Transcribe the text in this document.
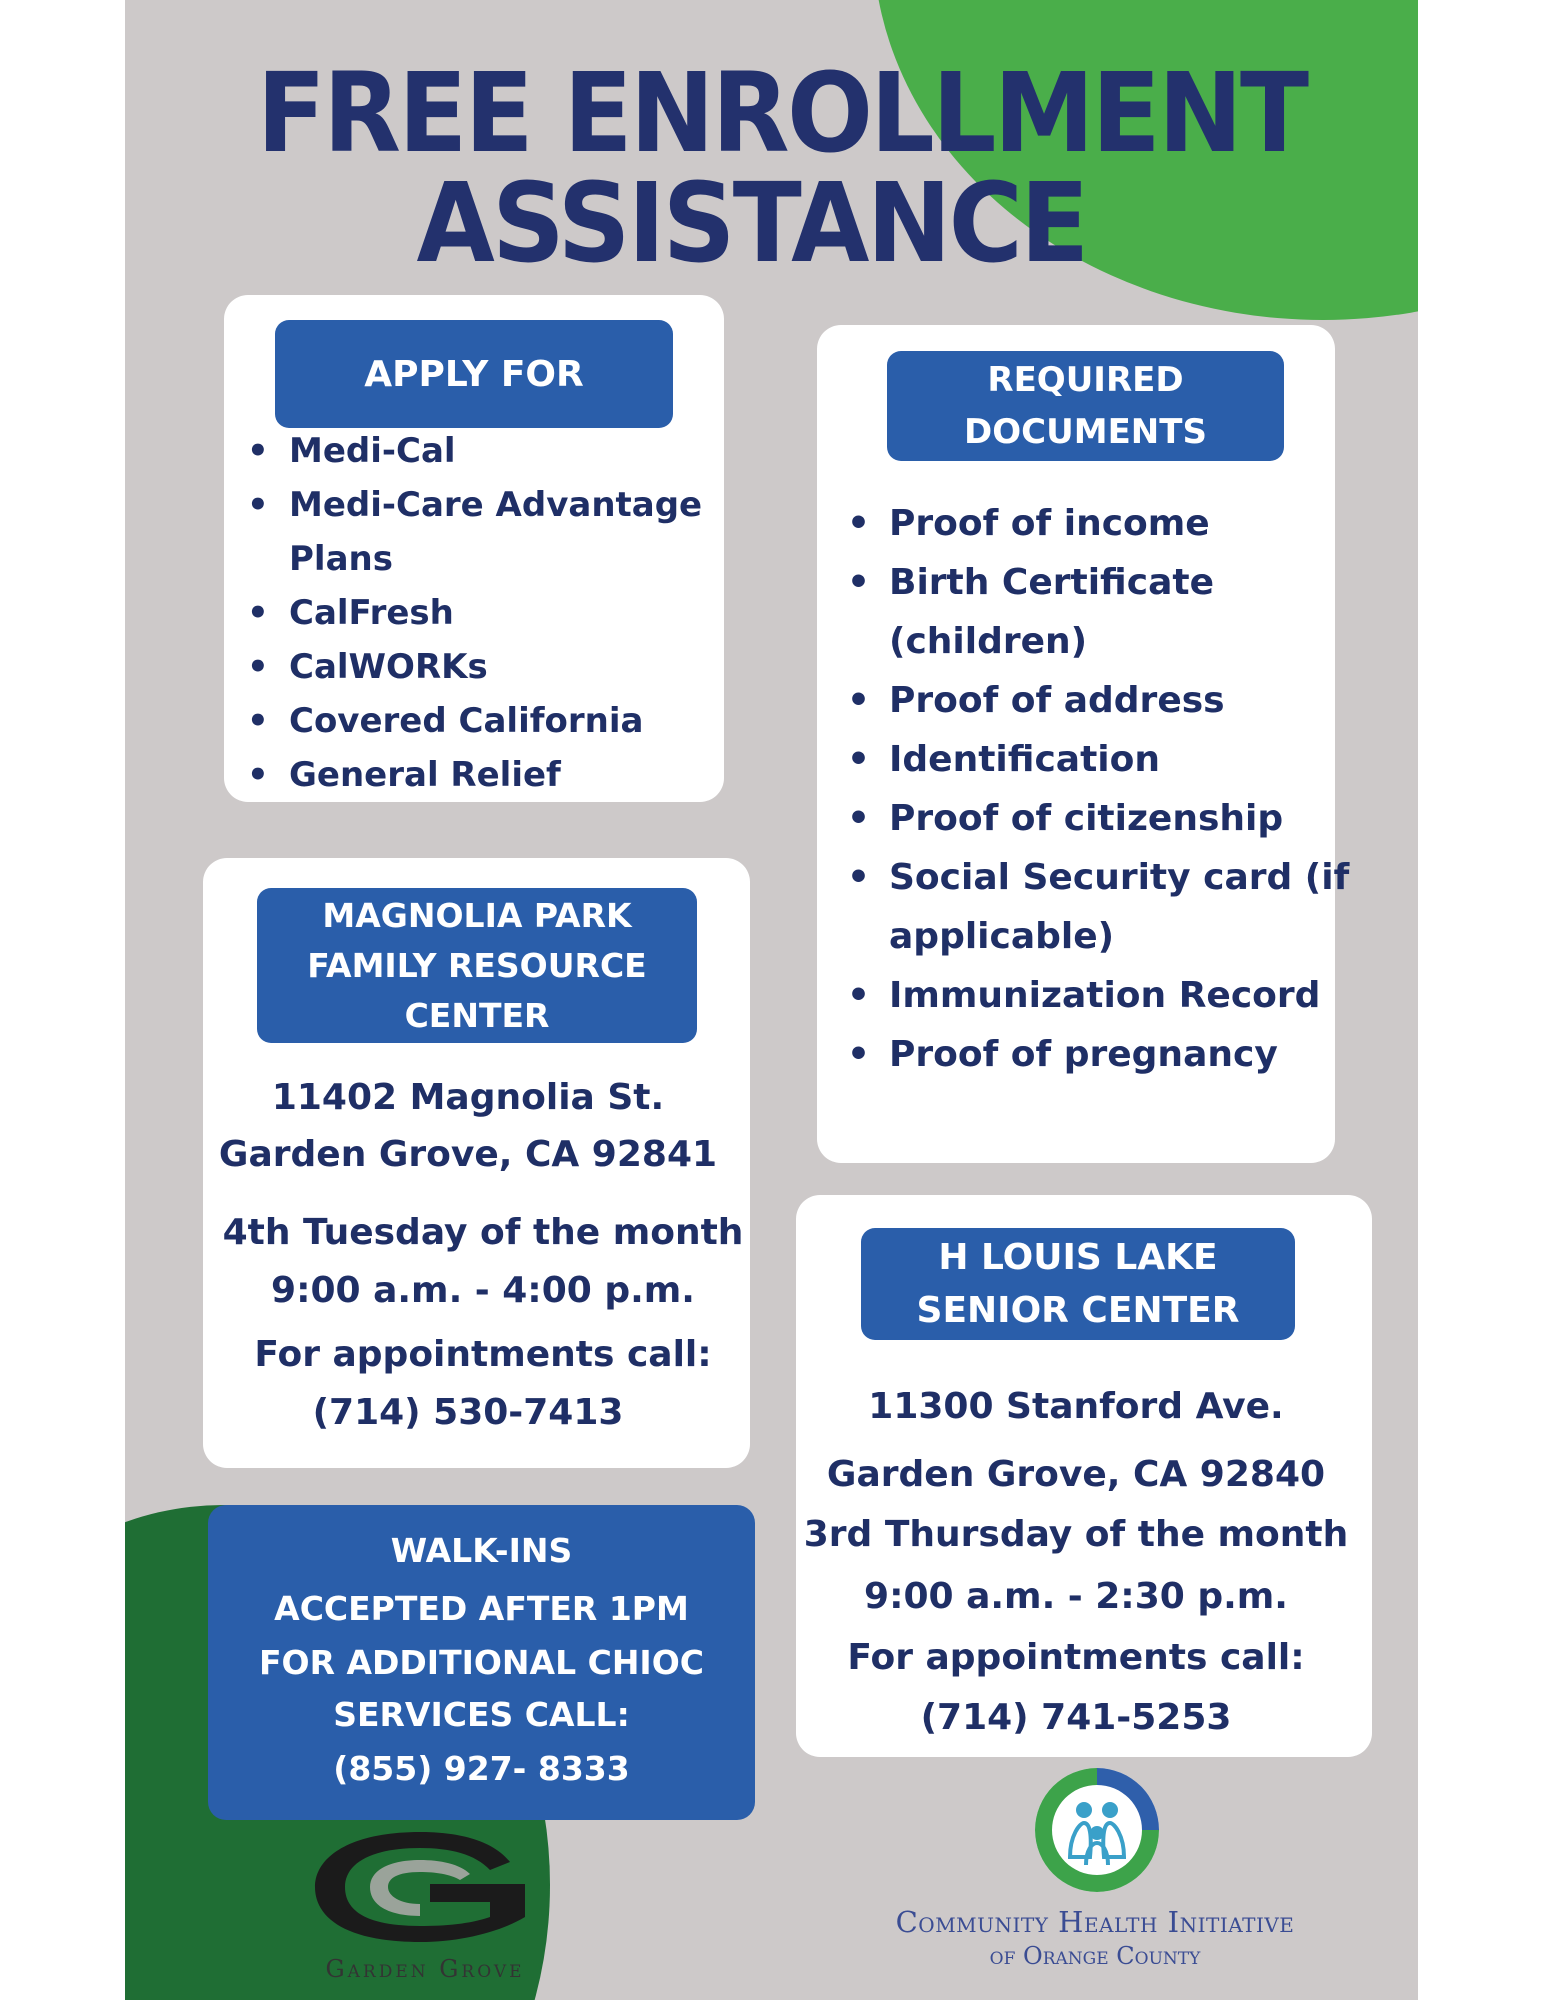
FREE ENROLLMENT
ASSISTANCE
APPLY FOR
• Medi-Cal
• Medi-Care Advantage
Plans
• CalFresh
• CalWORKs
• Covered California
• General Relief
REQUIRED
DOCUMENTS
• Proof of income
• Birth Certificate
(children)
• Proof of address
• Identification
• Proof of citizenship
• Social Security card (if
applicable)
• Immunization Record
• Proof of pregnancy
MAGNOLIA PARK
FAMILY RESOURCE
CENTER
11402 Magnolia St.
Garden Grove, CA 92841
4th Tuesday of the month
9:00 a.m. - 4:00 p.m.
For appointments call:
(714) 530-7413
H LOUIS LAKE
SENIOR CENTER
11300 Stanford Ave.
Garden Grove, CA 92840
3rd Thursday of the month
9:00 a.m. - 2:30 p.m.
For appointments call:
(714) 741-5253
WALK-INS
ACCEPTED AFTER 1PM
FOR ADDITIONAL CHIOC
SERVICES CALL:
(855) 927- 8333
Garden Grove
Community Health Initiative
of Orange County
